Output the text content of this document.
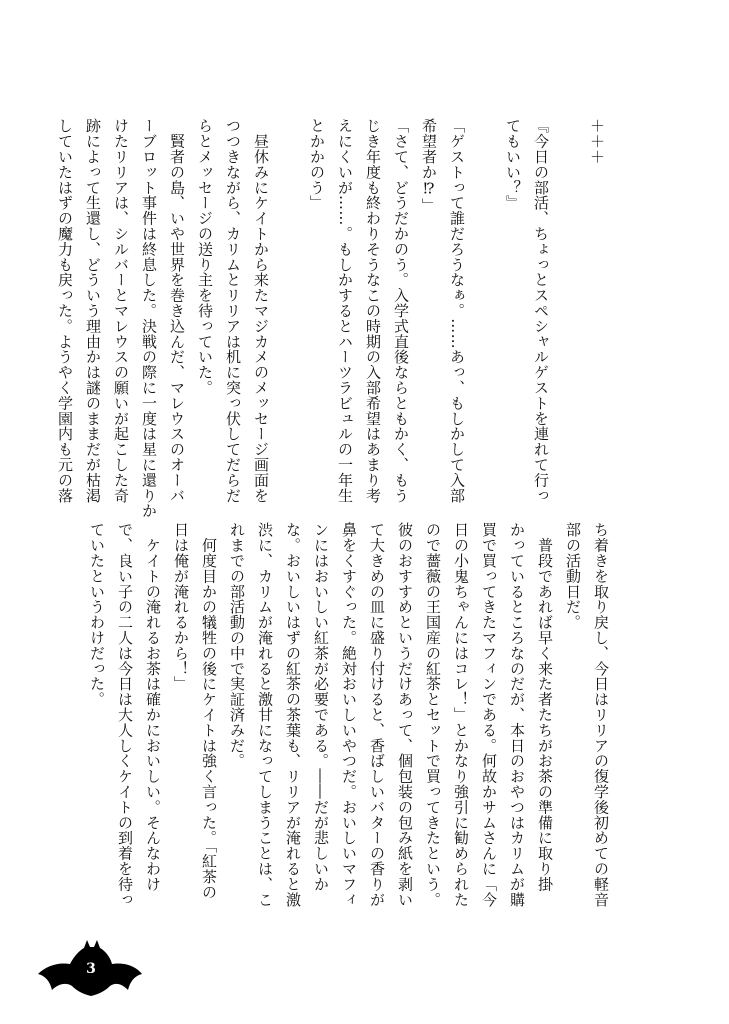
＋＋＋

『今日の部活、ちょっとスペシャルゲストを連れて行っ
てもいい？』

「ゲストって誰だろうなぁ。……あっ、もしかして入部
希望者か⁉」
「さて、どうだかのう。入学式直後ならともかく、もう
じき年度も終わりそうなこの時期の入部希望はあまり考
えにくいが……。もしかするとハーツラビュルの一年生
とかかのう」

　昼休みにケイトから来たマジカメのメッセージ画面を
つつきながら、カリムとリリアは机に突っ伏してだらだ
らとメッセージの送り主を待っていた。
　賢者の島、いや世界を巻き込んだ、マレウスのオーバ
ーブロット事件は終息した。決戦の際に一度は星に還りか
けたリリアは、シルバーとマレウスの願いが起こした奇
跡によって生還し、どういう理由かは謎のままだが枯渇
していたはずの魔力も戻った。ようやく学園内も元の落
ち着きを取り戻し、今日はリリアの復学後初めての軽音
部の活動日だ。
　普段であれば早く来た者たちがお茶の準備に取り掛
かっているところなのだが、本日のおやつはカリムが購
買で買ってきたマフィンである。何故かサムさんに「今
日の小鬼ちゃんにはコレ！」とかなり強引に勧められた
ので薔薇の王国産の紅茶とセットで買ってきたという。
彼のおすすめというだけあって、個包装の包み紙を剥い
て大きめの皿に盛り付けると、香ばしいバターの香りが
鼻をくすぐった。絶対おいしいやつだ。おいしいマフィ
ンにはおいしい紅茶が必要である。――だが悲しいか
な。おいしいはずの紅茶の茶葉も、リリアが淹れると激
渋に、カリムが淹れると激甘になってしまうことは、こ
れまでの部活動の中で実証済みだ。
　何度目かの犠牲の後にケイトは強く言った。「紅茶の
日は俺が淹れるから！」
　ケイトの淹れるお茶は確かにおいしい。そんなわけ
で、良い子の二人は今日は大人しくケイトの到着を待っ
ていたというわけだった。
3
